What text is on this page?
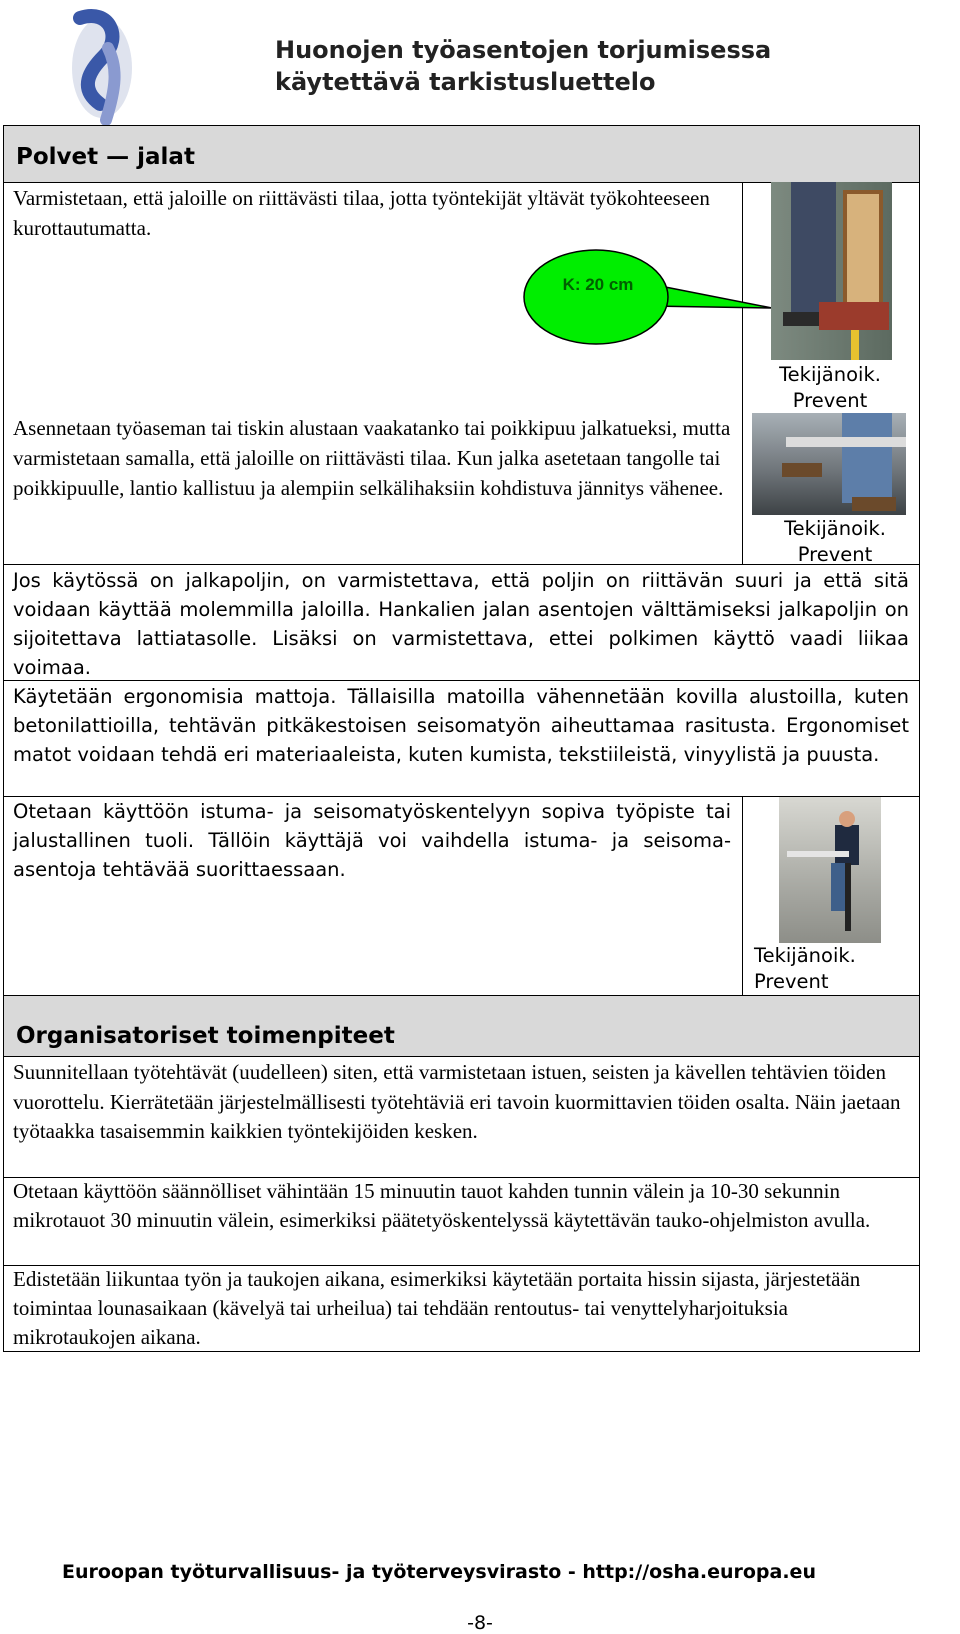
Huonojen työasentojen torjumisessa
käytettävä tarkistusluettelo
Polvet — jalat
Varmistetaan, että jaloille on riittävästi tilaa, jotta työntekijät yltävät työkohteeseen kurottautumatta.
K: 20 cm
Tekijänoik. Prevent
Asennetaan työaseman tai tiskin alustaan vaakatanko tai poikkipuu jalkatueksi, mutta varmistetaan samalla, että jaloille on riittävästi tilaa. Kun jalka asetetaan tangolle tai poikkipuulle, lantio kallistuu ja alempiin selkälihaksiin kohdistuva jännitys vähenee.
Tekijänoik. Prevent
Jos käytössä on jalkapoljin, on varmistettava, että poljin on riittävän suuri ja että sitä voidaan käyttää molemmilla jaloilla. Hankalien jalan asentojen välttämiseksi jalkapoljin on sijoitettava lattiatasolle. Lisäksi on varmistettava, ettei polkimen käyttö vaadi liikaa voimaa.
Käytetään ergonomisia mattoja. Tällaisilla matoilla vähennetään kovilla alustoilla, kuten betonilattioilla, tehtävän pitkäkestoisen seisomatyön aiheuttamaa rasitusta. Ergonomiset matot voidaan tehdä eri materiaaleista, kuten kumista, tekstiileistä, vinyylistä ja puusta.
Otetaan käyttöön istuma- ja seisomatyöskentelyyn sopiva työpiste tai jalustallinen tuoli. Tällöin käyttäjä voi vaihdella istuma- ja seisoma-asentoja tehtävää suorittaessaan.
Tekijänoik. Prevent
Organisatoriset toimenpiteet
Suunnitellaan työtehtävät (uudelleen) siten, että varmistetaan istuen, seisten ja kävellen tehtävien töiden vuorottelu. Kierrätetään järjestelmällisesti työtehtäviä eri tavoin kuormittavien töiden osalta. Näin jaetaan työtaakka tasaisemmin kaikkien työntekijöiden kesken.
Otetaan käyttöön säännölliset vähintään 15 minuutin tauot kahden tunnin välein ja 10-30 sekunnin mikrotauot 30 minuutin välein, esimerkiksi päätetyöskentelyssä käytettävän tauko-ohjelmiston avulla.
Edistetään liikuntaa työn ja taukojen aikana, esimerkiksi käytetään portaita hissin sijasta, järjestetään toimintaa lounasaikaan (kävelyä tai urheilua) tai tehdään rentoutus- tai venyttelyharjoituksia mikrotaukojen aikana.
Euroopan työturvallisuus- ja työterveysvirasto - http://osha.europa.eu
-8-
